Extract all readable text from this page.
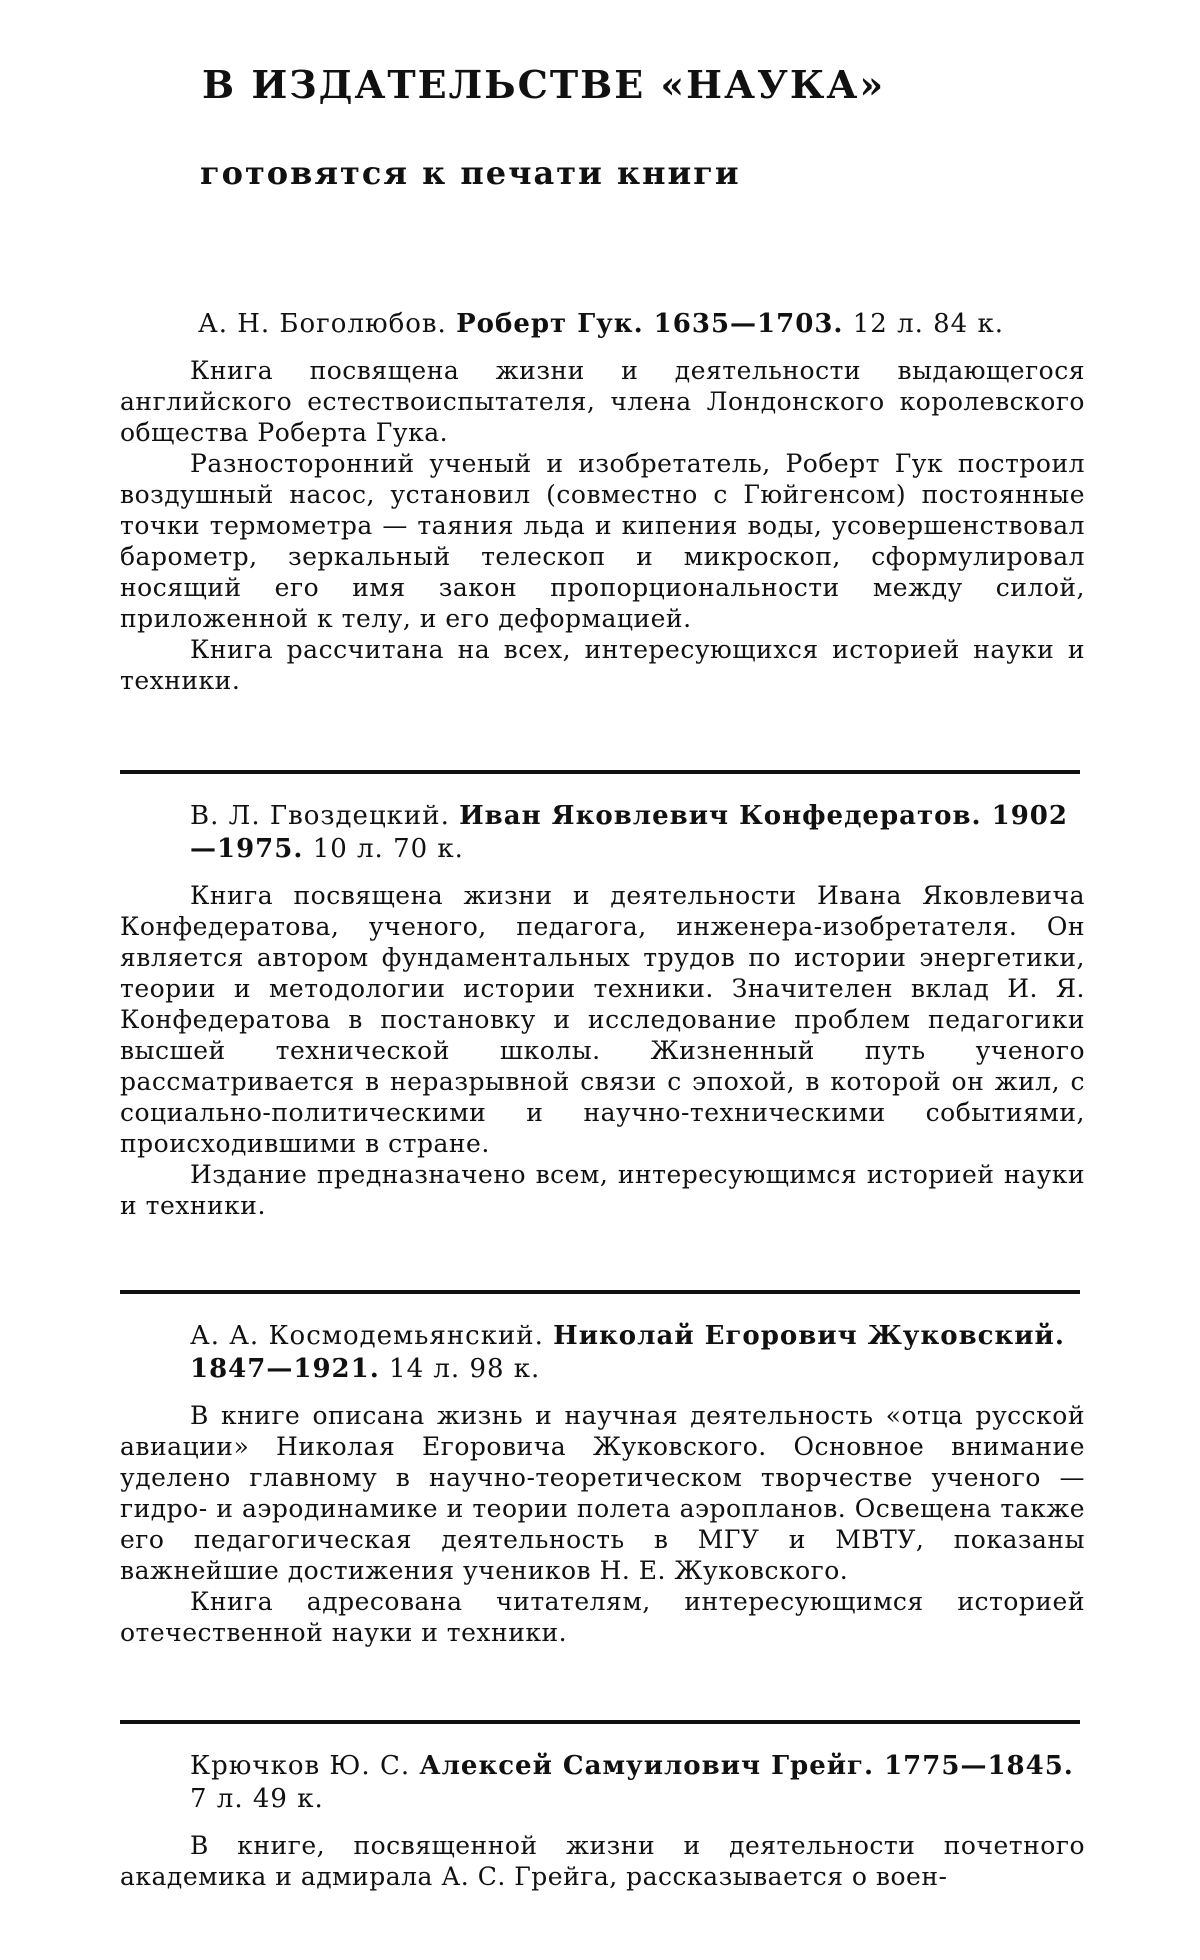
В ИЗДАТЕЛЬСТВЕ «НАУКА»
готовятся к печати книги

А. Н. Боголюбов. Роберт Гук. 1635—1703. 12 л. 84 к.

Книга посвящена жизни и деятельности выдающегося английского естествоиспытателя, члена Лондонского королевского общества Роберта Гука.

Разносторонний ученый и изобретатель, Роберт Гук построил воздушный насос, установил (совместно с Гюйгенсом) постоянные точки термометра — таяния льда и кипения воды, усовершенствовал барометр, зеркальный телескоп и микроскоп, сформулировал носящий его имя закон пропорциональности между силой, приложенной к телу, и его деформацией.

Книга рассчитана на всех, интересующихся историей науки и техники.

В. Л. Гвоздецкий. Иван Яковлевич Конфедератов. 1902—1975. 10 л. 70 к.

Книга посвящена жизни и деятельности Ивана Яковлевича Конфедератова, ученого, педагога, инженера-изобретателя. Он является автором фундаментальных трудов по истории энергетики, теории и методологии истории техники. Значителен вклад И. Я. Конфедератова в постановку и исследование проблем педагогики высшей технической школы. Жизненный путь ученого рассматривается в неразрывной связи с эпохой, в которой он жил, с социально-политическими и научно-техническими событиями, происходившими в стране.

Издание предназначено всем, интересующимся историей науки и техники.

А. А. Космодемьянский. Николай Егорович Жуковский. 1847—1921. 14 л. 98 к.

В книге описана жизнь и научная деятельность «отца русской авиации» Николая Егоровича Жуковского. Основное внимание уделено главному в научно-теоретическом творчестве ученого — гидро- и аэродинамике и теории полета аэропланов. Освещена также его педагогическая деятельность в МГУ и МВТУ, показаны важнейшие достижения учеников Н. Е. Жуковского.

Книга адресована читателям, интересующимся историей отечественной науки и техники.

Крючков Ю. С. Алексей Самуилович Грейг. 1775—1845. 7 л. 49 к.

В книге, посвященной жизни и деятельности почетного академика и адмирала А. С. Грейга, рассказывается о воен-
